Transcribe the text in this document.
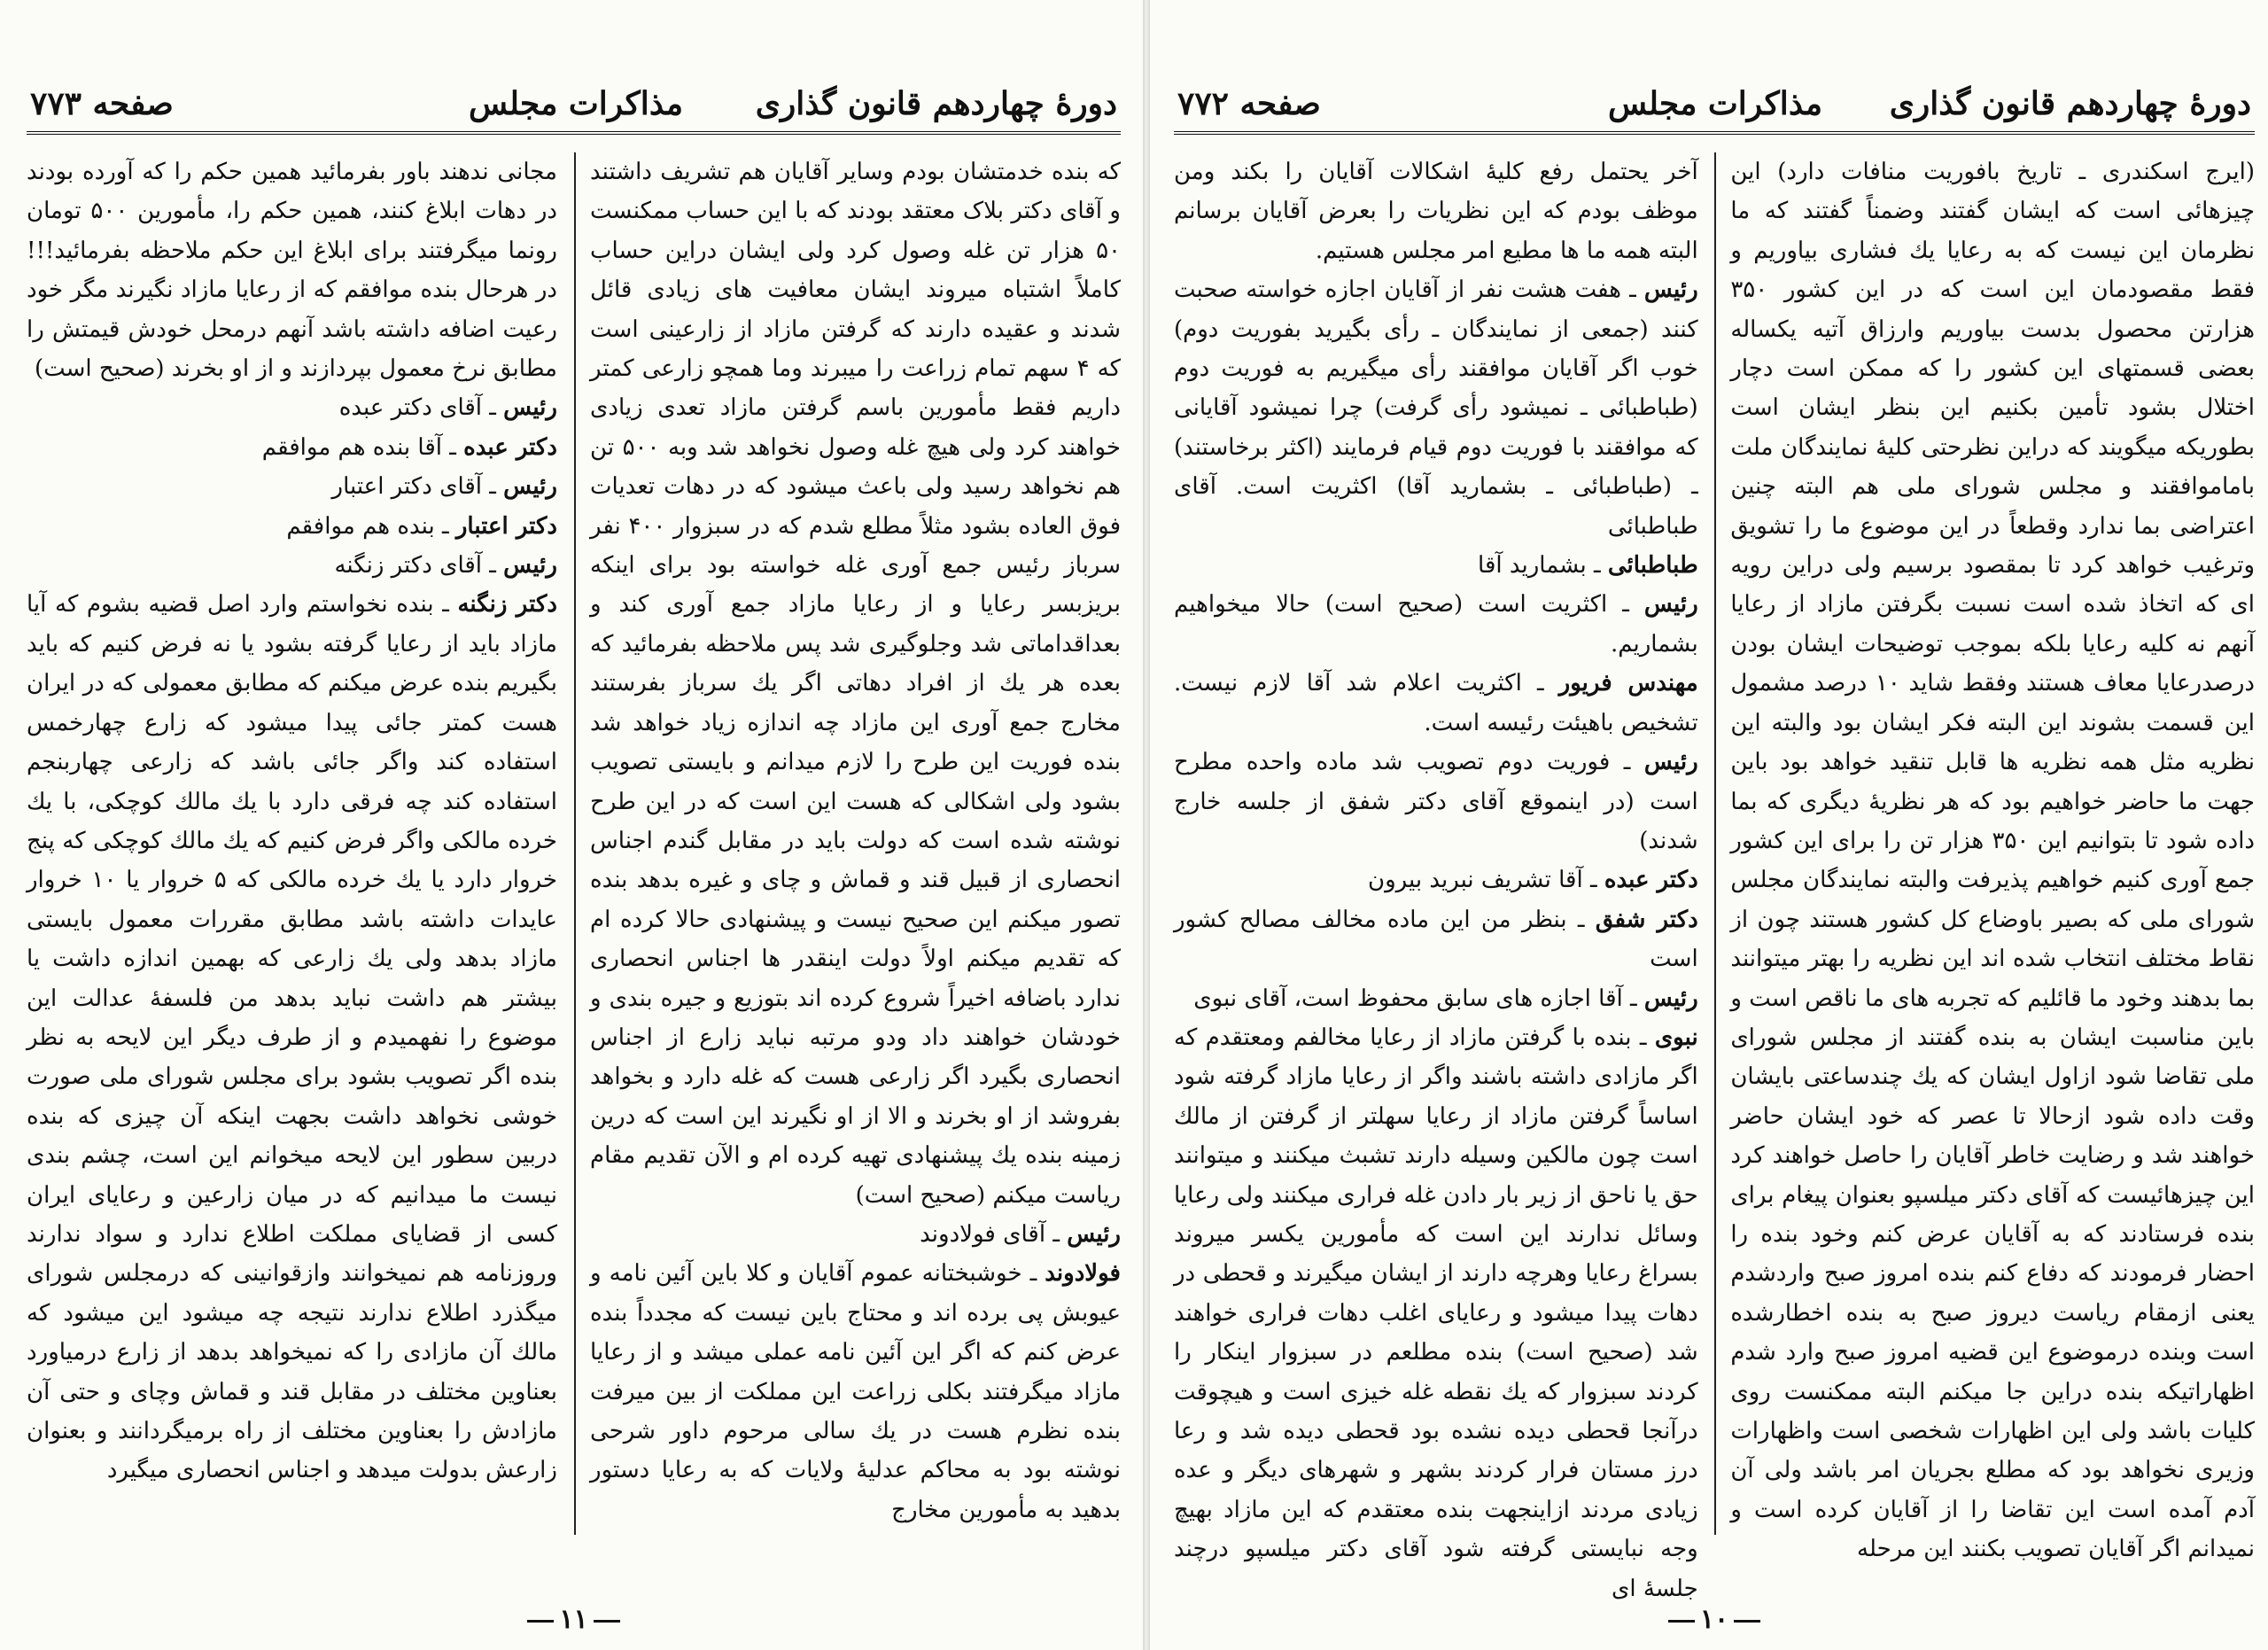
دورهٔ چهاردهم قانون گذاری
مذاکرات مجلس
صفحه ۷۷۳

که بنده خدمتشان بودم وسایر آقایان هم تشریف داشتند و آقای دکتر بلاک معتقد بودند که با این حساب ممکنست ۵۰ هزار تن غله وصول کرد ولی ایشان دراین حساب کاملاً اشتباه میروند ایشان معافیت های زیادی قائل شدند و عقیده دارند که گرفتن مازاد از زارعینی است که ۴ سهم تمام زراعت را میبرند وما همچو زارعی کمتر داریم فقط مأمورین باسم گرفتن مازاد تعدی زیادی خواهند کرد ولی هیچ غله وصول نخواهد شد وبه ۵۰۰ تن هم نخواهد رسید ولی باعث میشود که در دهات تعدیات فوق العاده بشود مثلاً مطلع شدم که در سبزوار ۴۰۰ نفر سرباز رئیس جمع آوری غله خواسته بود برای اینکه بریزبسر رعایا و از رعایا مازاد جمع آوری کند و بعداقداماتی شد وجلوگیری شد پس ملاحظه بفرمائید که بعده هر یك از افراد دهاتی اگر یك سرباز بفرستند مخارج جمع آوری این مازاد چه اندازه زیاد خواهد شد بنده فوریت این طرح را لازم میدانم و بایستی تصویب بشود ولی اشکالی که هست این است که در این طرح نوشته شده است که دولت باید در مقابل گندم اجناس انحصاری از قبیل قند و قماش و چای و غیره بدهد بنده تصور میکنم این صحیح نیست و پیشنهادی حالا کرده ام که تقدیم میکنم اولاً دولت اینقدر ها اجناس انحصاری ندارد باضافه اخیراً شروع کرده اند بتوزیع و جیره بندی و خودشان خواهند داد ودو مرتبه نباید زارع از اجناس انحصاری بگیرد اگر زارعی هست که غله دارد و بخواهد بفروشد از او بخرند و الا از او نگیرند این است که درین زمینه بنده یك پیشنهادی تهیه کرده ام و الآن تقدیم مقام ریاست میکنم (صحیح است)

رئیس ـ آقای فولادوند

فولادوند ـ خوشبختانه عموم آقایان و کلا باین آئین نامه و عیوبش پی برده اند و محتاج باین نیست که مجدداً بنده عرض کنم که اگر این آئین نامه عملی میشد و از رعایا مازاد میگرفتند بکلی زراعت این مملکت از بین میرفت بنده نظرم هست در یك سالی مرحوم داور شرحی نوشته بود به محاکم عدلیهٔ ولایات که به رعایا دستور بدهید به مأمورین مخارج

مجانی ندهند باور بفرمائید همین حکم را که آورده بودند در دهات ابلاغ کنند، همین حکم را، مأمورین ۵۰۰ تومان رونما میگرفتند برای ابلاغ این حکم ملاحظه بفرمائید!!! در هرحال بنده موافقم که از رعایا مازاد نگیرند مگر خود رعیت اضافه داشته باشد آنهم درمحل خودش قیمتش را مطابق نرخ معمول بپردازند و از او بخرند (صحیح است)

رئیس ـ آقای دکتر عبده

دکتر عبده ـ آقا بنده هم موافقم

رئیس ـ آقای دکتر اعتبار

دکتر اعتبار ـ بنده هم موافقم

رئیس ـ آقای دکتر زنگنه

دکتر زنگنه ـ بنده نخواستم وارد اصل قضیه بشوم که آیا مازاد باید از رعایا گرفته بشود یا نه فرض کنیم که باید بگیریم بنده عرض میکنم که مطابق معمولی که در ایران هست کمتر جائی پیدا میشود که زارع چهارخمس استفاده کند واگر جائی باشد که زارعی چهاربنجم استفاده کند چه فرقی دارد با یك مالك کوچکی، با یك خرده مالکی واگر فرض کنیم که یك مالك کوچکی که پنج خروار دارد یا یك خرده مالکی که ۵ خروار یا ۱۰ خروار عایدات داشته باشد مطابق مقررات معمول بایستی مازاد بدهد ولی یك زارعی که بهمین اندازه داشت یا بیشتر هم داشت نباید بدهد من فلسفهٔ عدالت این موضوع را نفهمیدم و از طرف دیگر این لایحه به نظر بنده اگر تصویب بشود برای مجلس شورای ملی صورت خوشی نخواهد داشت بجهت اینکه آن چیزی که بنده دربین سطور این لایحه میخوانم این است، چشم بندی نیست ما میدانیم که در میان زارعین و رعایای ایران کسی از قضایای مملکت اطلاع ندارد و سواد ندارند وروزنامه هم نمیخوانند وازقوانینی که درمجلس شورای میگذرد اطلاع ندارند نتیجه چه میشود این میشود که مالك آن مازادی را که نمیخواهد بدهد از زارع درمیاورد بعناوین مختلف در مقابل قند و قماش وچای و حتی آن مازادش را بعناوین مختلف از راه برمیگردانند و بعنوان زارعش بدولت میدهد و اجناس انحصاری میگیرد

۱۱
دورهٔ چهاردهم قانون گذاری
مذاکرات مجلس
صفحه ۷۷۲

(ایرج اسکندری ـ تاریخ بافوریت منافات دارد) این چیزهائی است که ایشان گفتند وضمناً گفتند که ما نظرمان این نیست که به رعایا یك فشاری بیاوریم و فقط مقصودمان این است که در این کشور ۳۵۰ هزارتن محصول بدست بیاوریم وارزاق آتیه یکساله بعضی قسمتهای این کشور را که ممکن است دچار اختلال بشود تأمین بکنیم این بنظر ایشان است بطوریکه میگویند که دراین نظرحتی کلیهٔ نمایندگان ملت باماموافقند و مجلس شورای ملی هم البته چنین اعتراضی بما ندارد وقطعاً در این موضوع ما را تشویق وترغیب خواهد کرد تا بمقصود برسیم ولی دراین رویه ای که اتخاذ شده است نسبت بگرفتن مازاد از رعایا آنهم نه کلیه رعایا بلکه بموجب توضیحات ایشان بودن درصدرعایا معاف هستند وفقط شاید ۱۰ درصد مشمول این قسمت بشوند این البته فکر ایشان بود والبته این نظریه مثل همه نظریه ها قابل تنقید خواهد بود باین جهت ما حاضر خواهیم بود که هر نظریهٔ دیگری که بما داده شود تا بتوانیم این ۳۵۰ هزار تن را برای این کشور جمع آوری کنیم خواهیم پذیرفت والبته نمایندگان مجلس شورای ملی که بصیر باوضاع کل کشور هستند چون از نقاط مختلف انتخاب شده اند این نظریه را بهتر میتوانند بما بدهند وخود ما قائلیم که تجربه های ما ناقص است و باین مناسبت ایشان به بنده گفتند از مجلس شورای ملی تقاضا شود ازاول ایشان که یك چندساعتی بایشان وقت داده شود ازحالا تا عصر که خود ایشان حاضر خواهند شد و رضایت خاطر آقایان را حاصل خواهند کرد این چیزهائیست که آقای دکتر میلسپو بعنوان پیغام برای بنده فرستادند که به آقایان عرض کنم وخود بنده را احضار فرمودند که دفاع کنم بنده امروز صبح واردشدم یعنی ازمقام ریاست دیروز صبح به بنده اخطارشده است وبنده درموضوع این قضیه امروز صبح وارد شدم اظهاراتیکه بنده دراین جا میکنم البته ممکنست روی کلیات باشد ولی این اظهارات شخصی است واظهارات وزیری نخواهد بود که مطلع بجریان امر باشد ولی آن آدم آمده است این تقاضا را از آقایان کرده است و نمیدانم اگر آقایان تصویب بکنند این مرحله

آخر یحتمل رفع کلیهٔ اشکالات آقایان را بکند ومن موظف بودم که این نظریات را بعرض آقایان برسانم البته همه ما ها مطیع امر مجلس هستیم.

رئیس ـ هفت هشت نفر از آقایان اجازه خواسته صحبت کنند (جمعی از نمایندگان ـ رأی بگیرید بفوریت دوم) خوب اگر آقایان موافقند رأی میگیریم به فوریت دوم (طباطبائی ـ نمیشود رأی گرفت) چرا نمیشود آقایانی که موافقند با فوریت دوم قیام فرمایند (اکثر برخاستند) ـ (طباطبائی ـ بشمارید آقا) اکثریت است. آقای طباطبائی

طباطبائی ـ بشمارید آقا

رئیس ـ اکثریت است (صحیح است) حالا میخواهیم بشماریم.

مهندس فریور ـ اکثریت اعلام شد آقا لازم نیست. تشخیص باهیئت رئیسه است.

رئیس ـ فوریت دوم تصویب شد ماده واحده مطرح است (در اینموقع آقای دکتر شفق از جلسه خارج شدند)

دکتر عبده ـ آقا تشریف نبرید بیرون

دکتر شفق ـ بنظر من این ماده مخالف مصالح کشور است

رئیس ـ آقا اجازه های سابق محفوظ است، آقای نبوی

نبوی ـ بنده با گرفتن مازاد از رعایا مخالفم ومعتقدم که اگر مازادی داشته باشند واگر از رعایا مازاد گرفته شود اساساً گرفتن مازاد از رعایا سهلتر از گرفتن از مالك است چون مالکین وسیله دارند تشبث میکنند و میتوانند حق یا ناحق از زیر بار دادن غله فراری میکنند ولی رعایا وسائل ندارند این است که مأمورین یکسر میروند بسراغ رعایا وهرچه دارند از ایشان میگیرند و قحطی در دهات پیدا میشود و رعایای اغلب دهات فراری خواهند شد (صحیح است) بنده مطلعم در سبزوار اینکار را کردند سبزوار که یك نقطه غله خیزی است و هیچوقت درآنجا قحطی دیده نشده بود قحطی دیده شد و رعا درز مستان فرار کردند بشهر و شهرهای دیگر و عده زیادی مردند ازاینجهت بنده معتقدم که این مازاد بهیچ وجه نبایستی گرفته شود آقای دکتر میلسپو درچند جلسهٔ ای

۱۰
